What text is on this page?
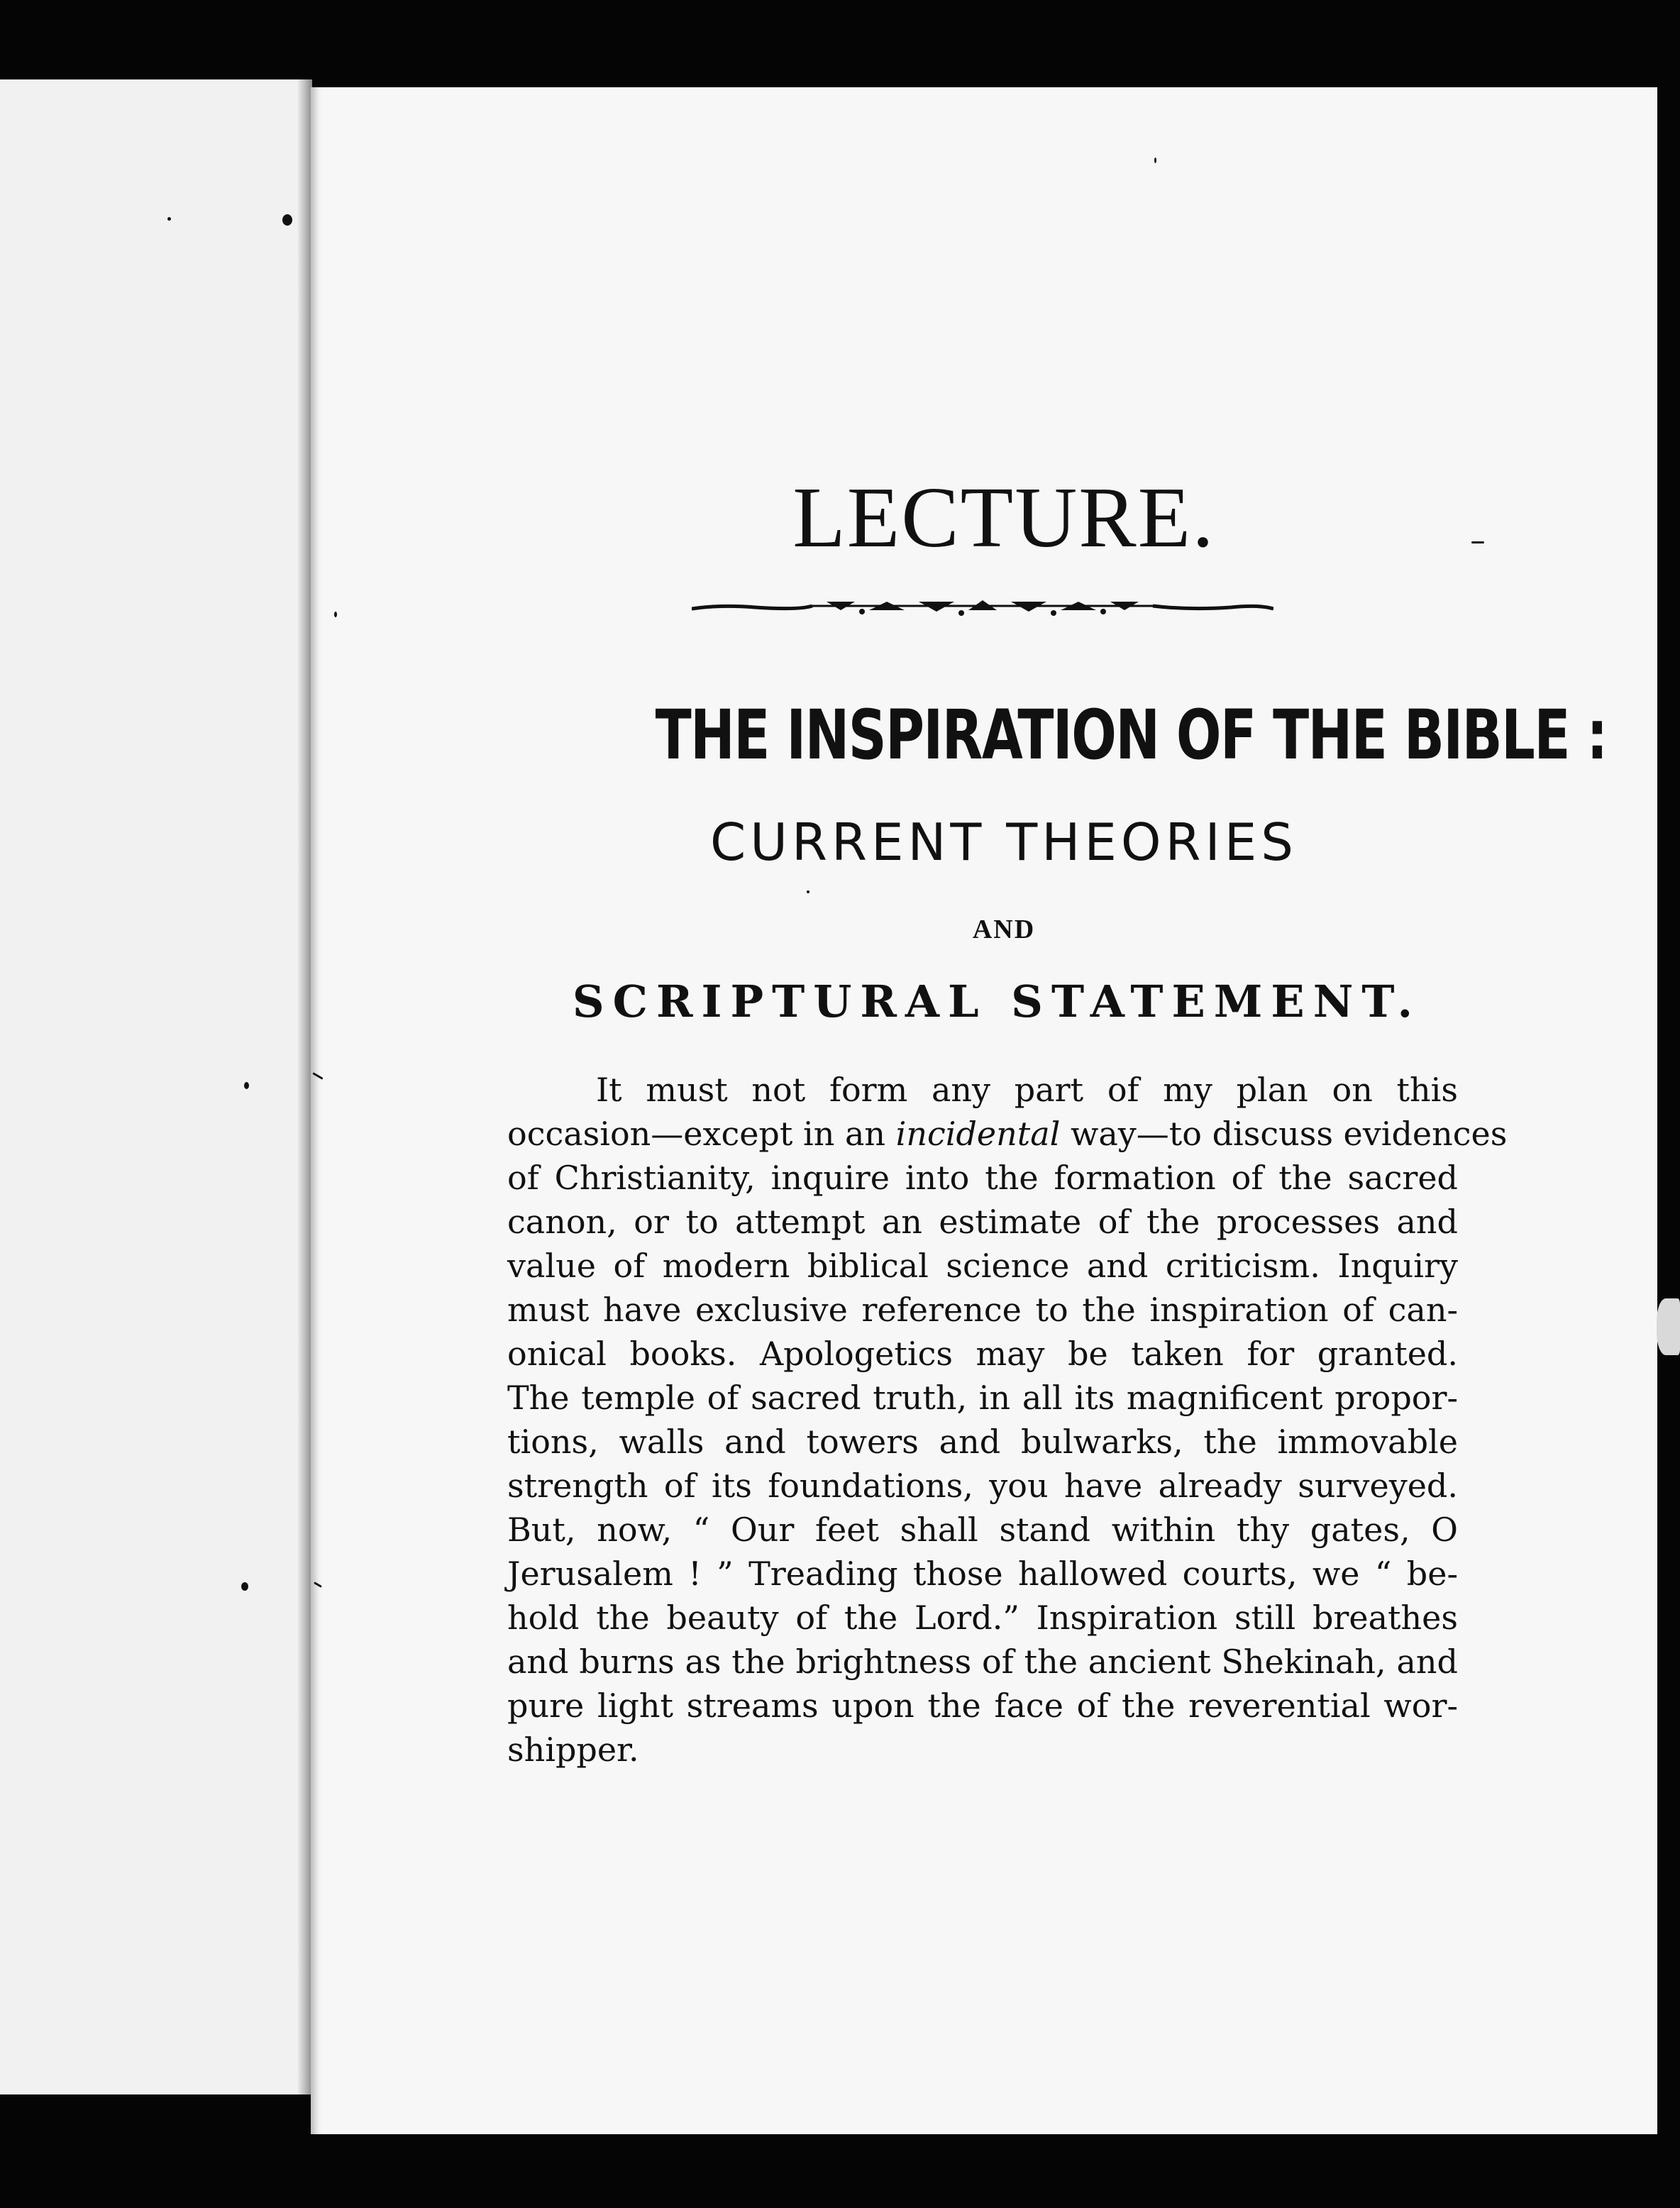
LECTURE.
THE INSPIRATION OF THE BIBLE :
CURRENT THEORIES
AND
SCRIPTURAL STATEMENT.
It must not form any part of my plan on this
occasion—except in an incidental way—to discuss evidences
of Christianity, inquire into the formation of the sacred
canon, or to attempt an estimate of the processes and
value of modern biblical science and criticism. Inquiry
must have exclusive reference to the inspiration of can-
onical books. Apologetics may be taken for granted.
The temple of sacred truth, in all its magnificent propor-
tions, walls and towers and bulwarks, the immovable
strength of its foundations, you have already surveyed.
But, now, “ Our feet shall stand within thy gates, O
Jerusalem ! ” Treading those hallowed courts, we “ be-
hold the beauty of the Lord.” Inspiration still breathes
and burns as the brightness of the ancient Shekinah, and
pure light streams upon the face of the reverential wor-
shipper.
